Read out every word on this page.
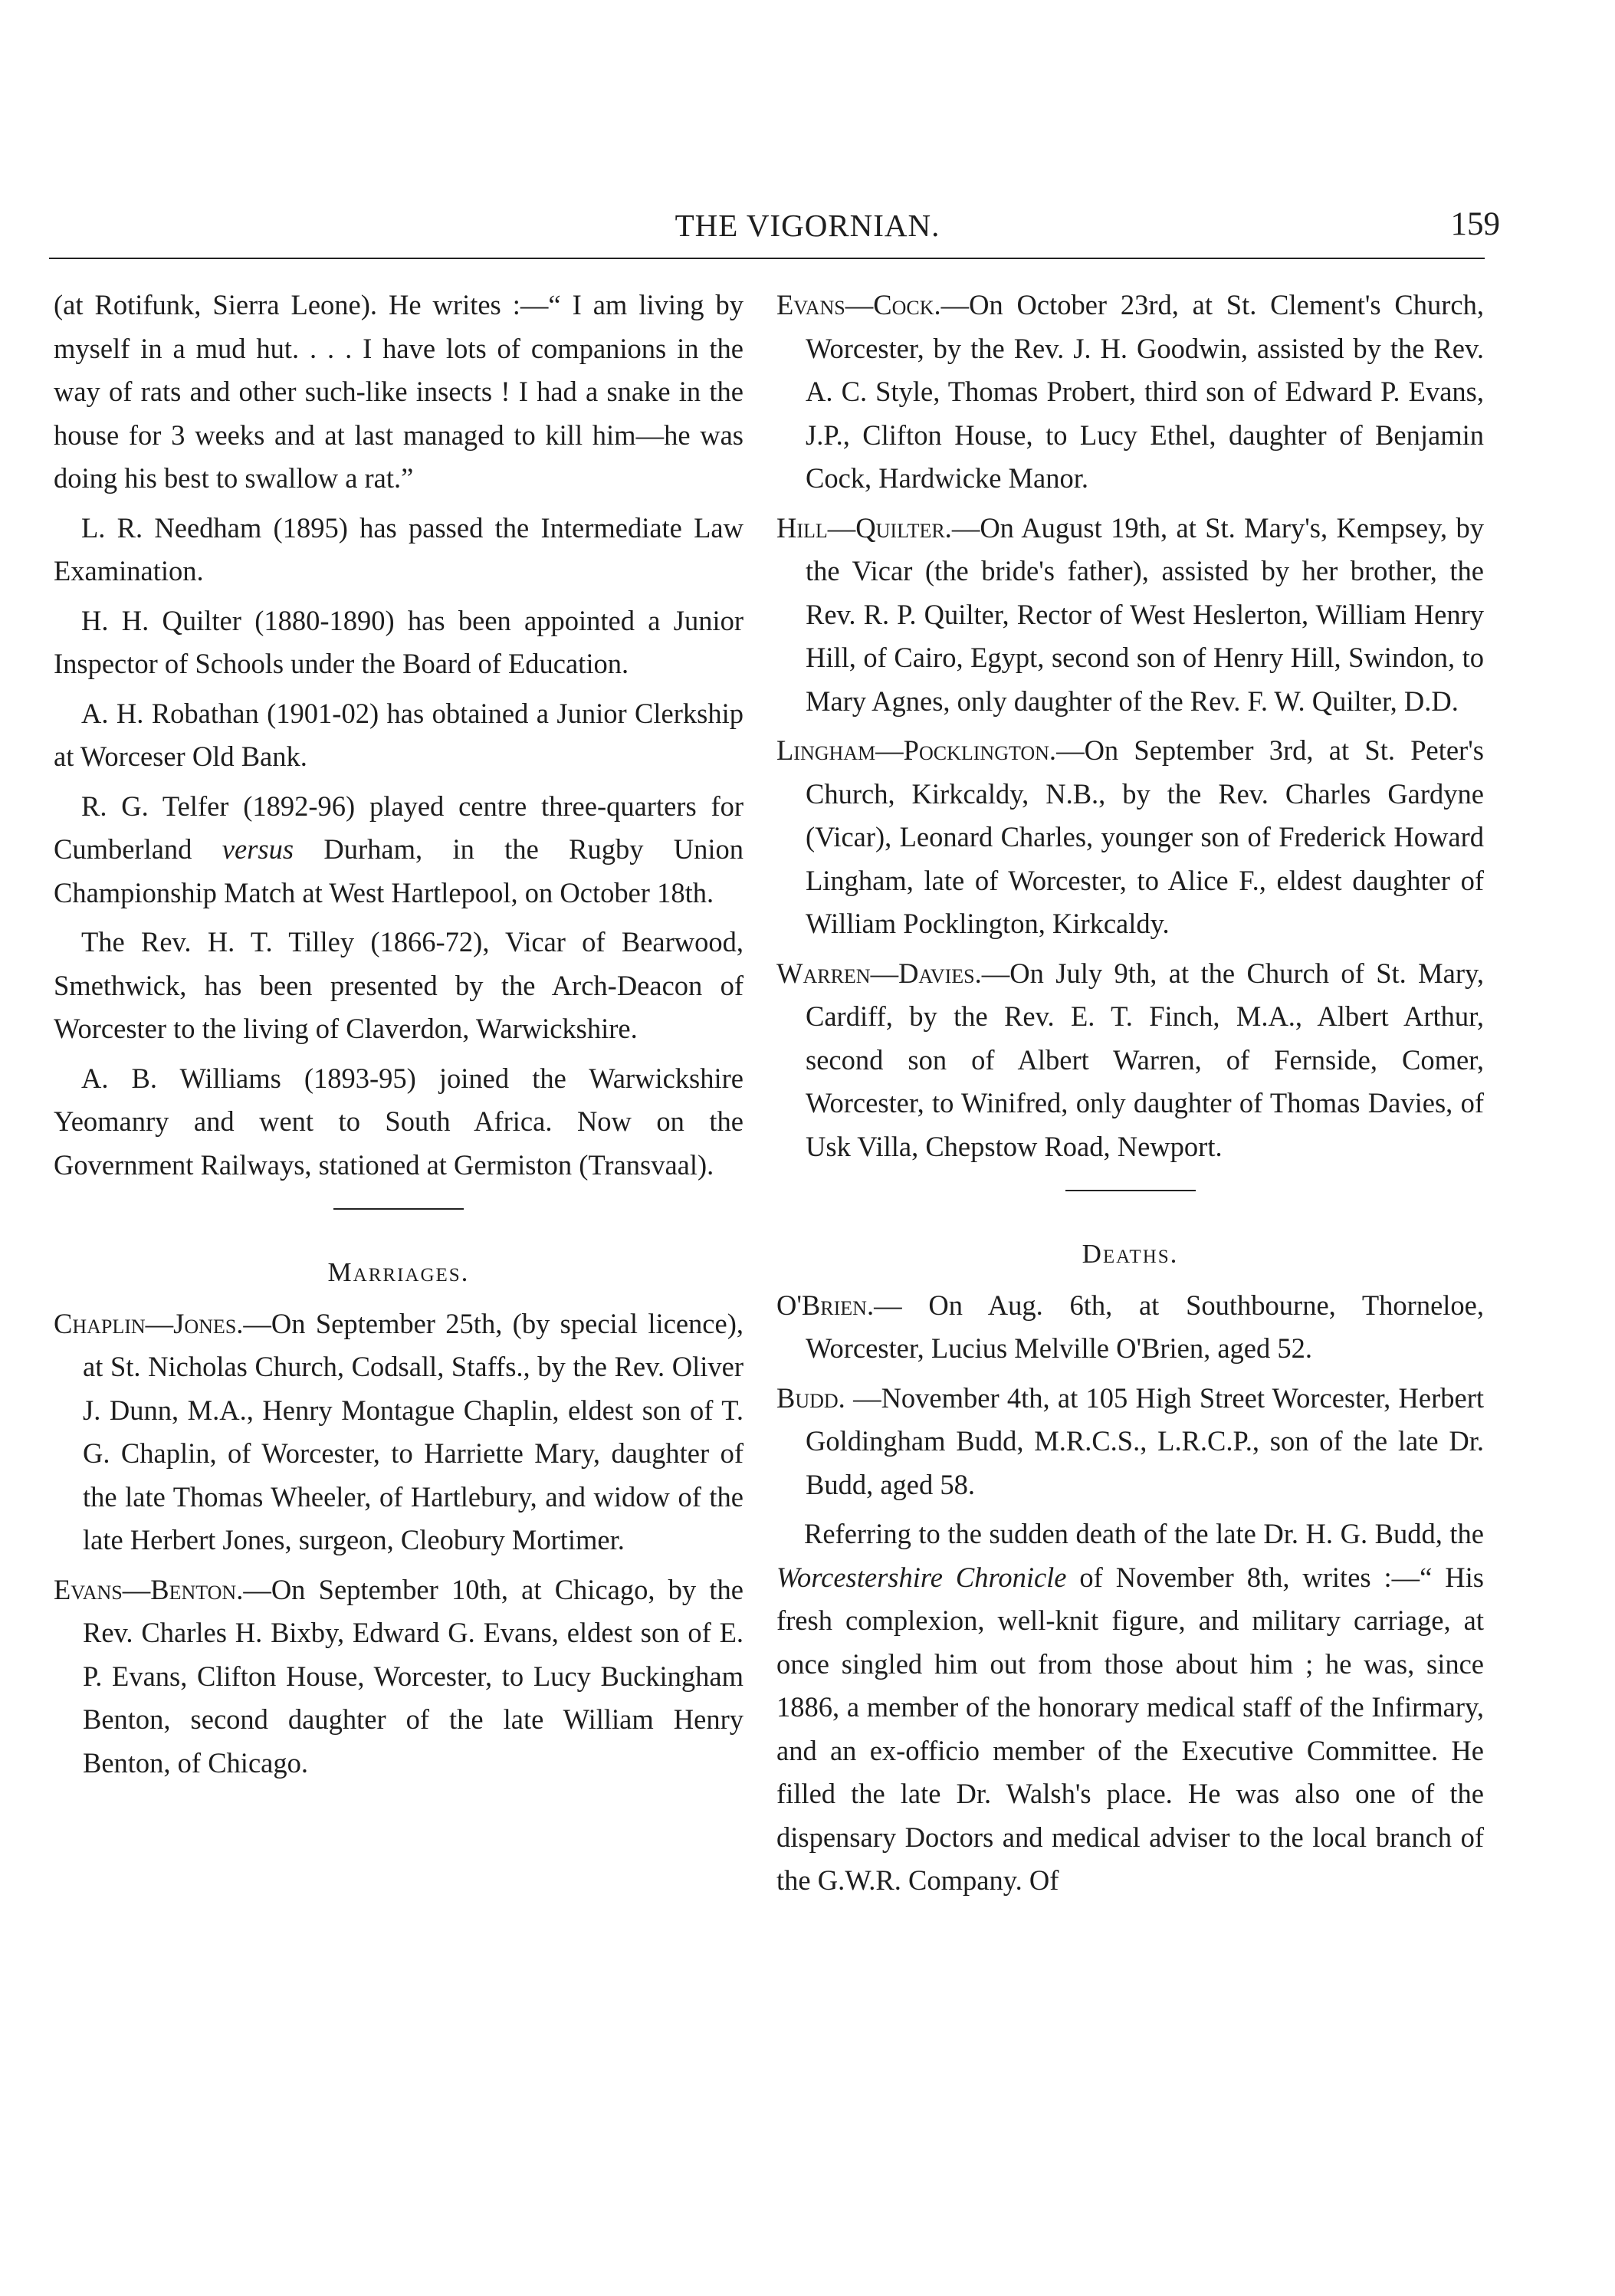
THE VIGORNIAN.	159

(at Rotifunk, Sierra Leone). He writes :—“ I am living by myself in a mud hut. . . . I have lots of companions in the way of rats and other such-like insects ! I had a snake in the house for 3 weeks and at last managed to kill him—he was doing his best to swallow a rat.”

L. R. Needham (1895) has passed the Intermediate Law Examination.

H. H. Quilter (1880-1890) has been appointed a Junior Inspector of Schools under the Board of Education.

A. H. Robathan (1901-02) has obtained a Junior Clerkship at Worceser Old Bank.

R. G. Telfer (1892-96) played centre three-quarters for Cumberland versus Durham, in the Rugby Union Championship Match at West Hartlepool, on October 18th.

The Rev. H. T. Tilley (1866-72), Vicar of Bearwood, Smethwick, has been presented by the Arch-Deacon of Worcester to the living of Claverdon, Warwickshire.

A. B. Williams (1893-95) joined the Warwickshire Yeomanry and went to South Africa. Now on the Government Railways, stationed at Germiston (Transvaal).

Marriages.

Chaplin—Jones.—On September 25th, (by special licence), at St. Nicholas Church, Codsall, Staffs., by the Rev. Oliver J. Dunn, M.A., Henry Montague Chaplin, eldest son of T. G. Chaplin, of Worcester, to Harriette Mary, daughter of the late Thomas Wheeler, of Hartlebury, and widow of the late Herbert Jones, surgeon, Cleobury Mortimer.

Evans—Benton.—On September 10th, at Chicago, by the Rev. Charles H. Bixby, Edward G. Evans, eldest son of E. P. Evans, Clifton House, Worcester, to Lucy Buckingham Benton, second daughter of the late William Henry Benton, of Chicago.

Evans—Cock.—On October 23rd, at St. Clement's Church, Worcester, by the Rev. J. H. Goodwin, assisted by the Rev. A. C. Style, Thomas Probert, third son of Edward P. Evans, J.P., Clifton House, to Lucy Ethel, daughter of Benjamin Cock, Hardwicke Manor.

Hill—Quilter.—On August 19th, at St. Mary's, Kempsey, by the Vicar (the bride's father), assisted by her brother, the Rev. R. P. Quilter, Rector of West Heslerton, William Henry Hill, of Cairo, Egypt, second son of Henry Hill, Swindon, to Mary Agnes, only daughter of the Rev. F. W. Quilter, D.D.

Lingham—Pocklington.—On September 3rd, at St. Peter's Church, Kirkcaldy, N.B., by the Rev. Charles Gardyne (Vicar), Leonard Charles, younger son of Frederick Howard Lingham, late of Worcester, to Alice F., eldest daughter of William Pocklington, Kirkcaldy.

Warren—Davies.—On July 9th, at the Church of St. Mary, Cardiff, by the Rev. E. T. Finch, M.A., Albert Arthur, second son of Albert Warren, of Fernside, Comer, Worcester, to Winifred, only daughter of Thomas Davies, of Usk Villa, Chepstow Road, Newport.

Deaths.

O'Brien.— On Aug. 6th, at Southbourne, Thorneloe, Worcester, Lucius Melville O'Brien, aged 52.

Budd. —November 4th, at 105 High Street Worcester, Herbert Goldingham Budd, M.R.C.S., L.R.C.P., son of the late Dr. Budd, aged 58.

Referring to the sudden death of the late Dr. H. G. Budd, the Worcestershire Chronicle of November 8th, writes :—“ His fresh complexion, well-knit figure, and military carriage, at once singled him out from those about him ; he was, since 1886, a member of the honorary medical staff of the Infirmary, and an ex-officio member of the Executive Committee. He filled the late Dr. Walsh's place. He was also one of the dispensary Doctors and medical adviser to the local branch of the G.W.R. Company. Of
